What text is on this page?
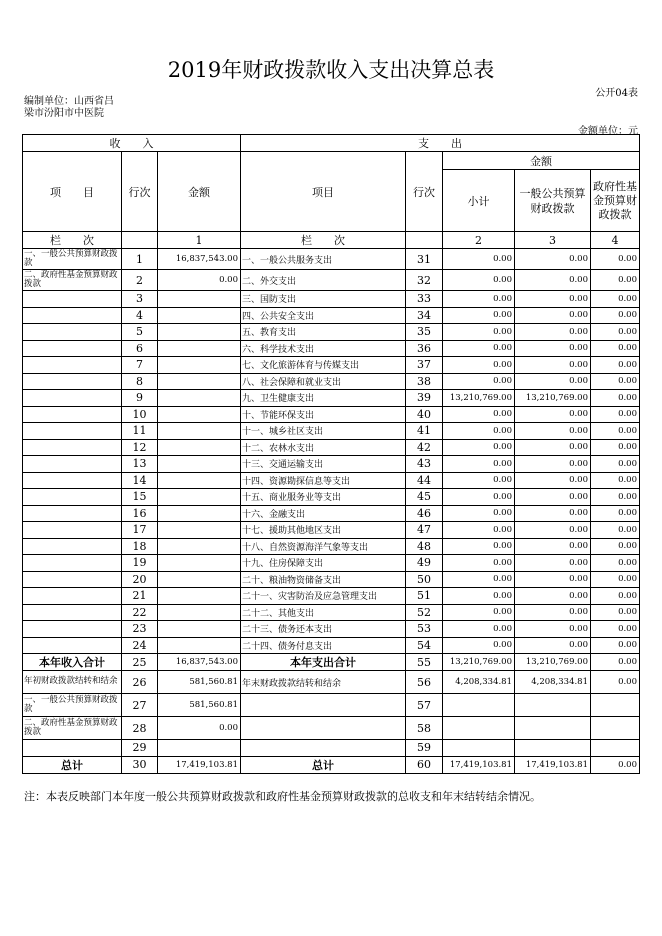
2019年财政拨款收入支出决算总表
公开04表
编制单位：山西省吕梁市汾阳市中医院
金额单位：元
收　　入			支　　出				
项　　目	行次	金额	项目	行次	金额		
					小计	一般公共预算财政拨款	政府性基金预算财政拨款
栏　　次		1	栏　　次		2	3	4
一、一般公共预算财政拨款	1	16,837,543.00	一、一般公共服务支出	31	0.00	0.00	0.00
二、政府性基金预算财政拨款	2	0.00	二、外交支出	32	0.00	0.00	0.00
	3		三、国防支出	33	0.00	0.00	0.00
	4		四、公共安全支出	34	0.00	0.00	0.00
	5		五、教育支出	35	0.00	0.00	0.00
	6		六、科学技术支出	36	0.00	0.00	0.00
	7		七、文化旅游体育与传媒支出	37	0.00	0.00	0.00
	8		八、社会保障和就业支出	38	0.00	0.00	0.00
	9		九、卫生健康支出	39	13,210,769.00	13,210,769.00	0.00
	10		十、节能环保支出	40	0.00	0.00	0.00
	11		十一、城乡社区支出	41	0.00	0.00	0.00
	12		十二、农林水支出	42	0.00	0.00	0.00
	13		十三、交通运输支出	43	0.00	0.00	0.00
	14		十四、资源勘探信息等支出	44	0.00	0.00	0.00
	15		十五、商业服务业等支出	45	0.00	0.00	0.00
	16		十六、金融支出	46	0.00	0.00	0.00
	17		十七、援助其他地区支出	47	0.00	0.00	0.00
	18		十八、自然资源海洋气象等支出	48	0.00	0.00	0.00
	19		十九、住房保障支出	49	0.00	0.00	0.00
	20		二十、粮油物资储备支出	50	0.00	0.00	0.00
	21		二十一、灾害防治及应急管理支出	51	0.00	0.00	0.00
	22		二十二、其他支出	52	0.00	0.00	0.00
	23		二十三、债务还本支出	53	0.00	0.00	0.00
	24		二十四、债务付息支出	54	0.00	0.00	0.00
本年收入合计	25	16,837,543.00	本年支出合计	55	13,210,769.00	13,210,769.00	0.00
年初财政拨款结转和结余	26	581,560.81	年末财政拨款结转和结余	56	4,208,334.81	4,208,334.81	0.00
一、一般公共预算财政拨款	27	581,560.81		57			
二、政府性基金预算财政拨款	28	0.00		58			
	29			59			
总计	30	17,419,103.81	总计	60	17,419,103.81	17,419,103.81	0.00
注：本表反映部门本年度一般公共预算财政拨款和政府性基金预算财政拨款的总收支和年末结转结余情况。
